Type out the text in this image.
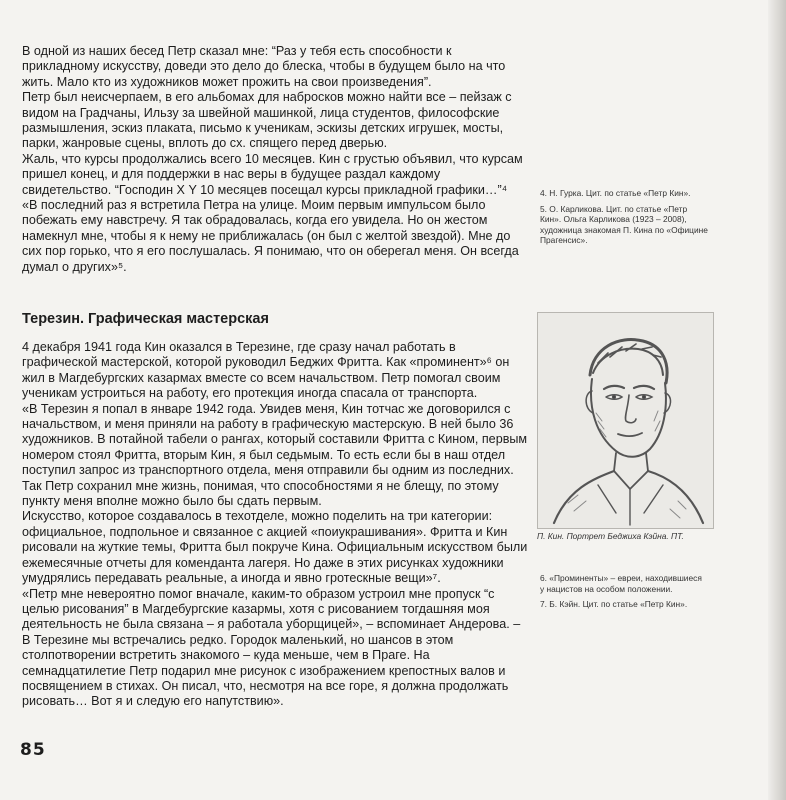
В одной из наших бесед Петр сказал мне: “Раз у тебя есть способности к прикладному искусству, доведи это дело до блеска, чтобы в будущем было на что жить. Мало кто из художников может прожить на свои произведения”.

Петр был неисчерпаем, в его альбомах для набросков можно найти все – пейзаж с видом на Градчаны, Ильзу за швейной машинкой, лица студентов, философские размышления, эскиз плаката, письмо к ученикам, эскизы детских игрушек, мосты, парки, жанровые сцены, вплоть до сх. спящего перед дверью.

Жаль, что курсы продолжались всего 10 месяцев. Кин с грустью объявил, что курсам пришел конец, и для поддержки в нас веры в будущее раздал каждому свидетельство. “Господин Х Y 10 месяцев посещал курсы прикладной графики…”⁴

«В последний раз я встретила Петра на улице. Моим первым импульсом было побежать ему навстречу. Я так обрадовалась, когда его увидела. Но он жестом намекнул мне, чтобы я к нему не приближалась (он был с желтой звездой). Мне до сих пор горько, что я его послушалась. Я понимаю, что он оберегал меня. Он всегда думал о других»⁵.

Терезин. Графическая мастерская

4 декабря 1941 года Кин оказался в Терезине, где сразу начал работать в графической мастерской, которой руководил Беджих Фритта. Как «проминент»⁶ он жил в Магдебургских казармах вместе со всем начальством. Петр помогал своим ученикам устроиться на работу, его протекция иногда спасала от транспорта.

«В Терезин я попал в январе 1942 года. Увидев меня, Кин тотчас же договорился с начальством, и меня приняли на работу в графическую мастерскую. В ней было 36 художников. В потайной табели о рангах, который составили Фритта с Кином, первым номером стоял Фритта, вторым Кин, я был седьмым. То есть если бы в наш отдел поступил запрос из транспортного отдела, меня отправили бы одним из последних. Так Петр сохранил мне жизнь, понимая, что способностями я не блещу, по этому пункту меня вполне можно было бы сдать первым.

Искусство, которое создавалось в техотделе, можно поделить на три категории: официальное, подпольное и связанное с акцией «поиукрашивания». Фритта и Кин рисовали на жуткие темы, Фритта был покруче Кина. Официальным искусством были ежемесячные отчеты для коменданта лагеря. Но даже в этих рисунках художники умудрялись передавать реальные, а иногда и явно гротескные вещи»⁷.

«Петр мне невероятно помог вначале, каким-то образом устроил мне пропуск “с целью рисования” в Магдебургские казармы, хотя с рисованием тогдашняя моя деятельность не была связана – я работала уборщицей», – вспоминает Андерова. – В Терезине мы встречались редко. Городок маленький, но шансов в этом столпотворении встретить знакомого – куда меньше, чем в Праге. На семнадцатилетие Петр подарил мне рисунок с изображением крепостных валов и посвящением в стихах. Он писал, что, несмотря на все горе, я должна продолжать рисовать… Вот я и следую его напутствию».

4. Н. Гурка. Цит. по статье «Петр Кин».

5. О. Карликова. Цит. по статье «Петр Кин». Ольга Карликова (1923 – 2008), художница знакомая П. Кина по «Официне Прагенсис».

П. Кин. Портрет Беджиха Кэйна. ПТ.

6. «Проминенты» – евреи, находившиеся у нацистов на особом положении.

7. Б. Кэйн. Цит. по статье «Петр Кин».

85
